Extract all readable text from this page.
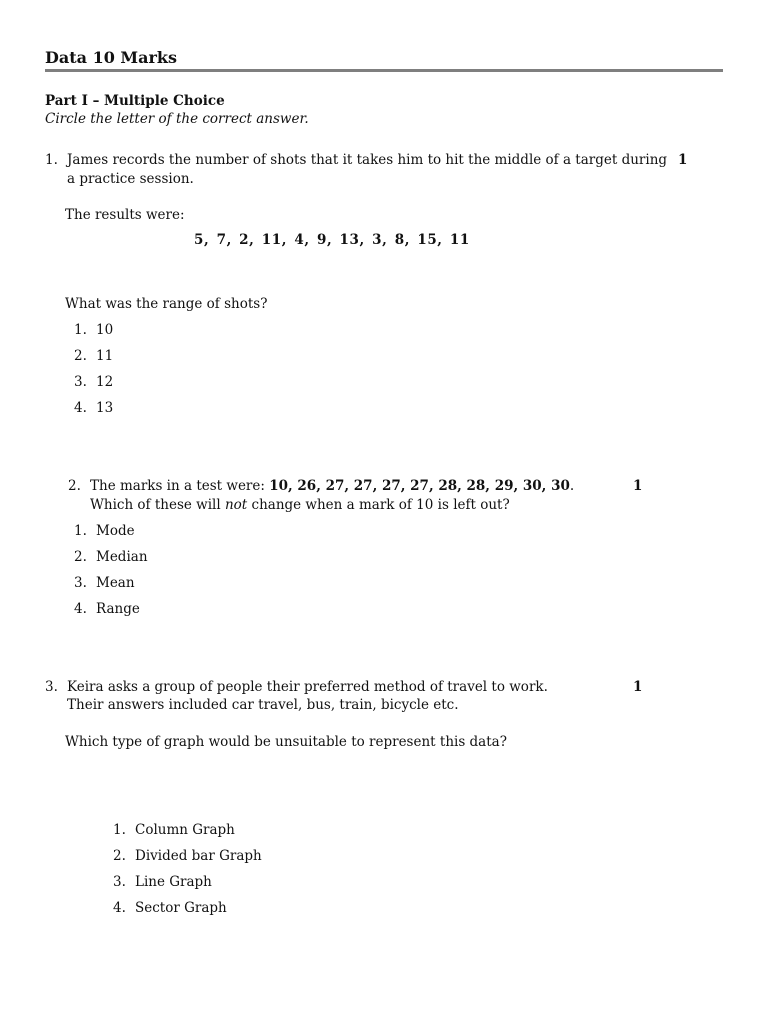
Data 10 Marks
Part I – Multiple Choice
Circle the letter of the correct answer.
1. James records the number of shots that it takes him to hit the middle of a target during
a practice session.
1
The results were:
5, 7, 2, 11, 4, 9, 13, 3, 8, 15, 11
What was the range of shots?
1. 10
2. 11
3. 12
4. 13
2. The marks in a test were: 10, 26, 27, 27, 27, 27, 28, 28, 29, 30, 30.
Which of these will not change when a mark of 10 is left out?
1
1. Mode
2. Median
3. Mean
4. Range
3. Keira asks a group of people their preferred method of travel to work.
Their answers included car travel, bus, train, bicycle etc.
1
Which type of graph would be unsuitable to represent this data?
1. Column Graph
2. Divided bar Graph
3. Line Graph
4. Sector Graph
